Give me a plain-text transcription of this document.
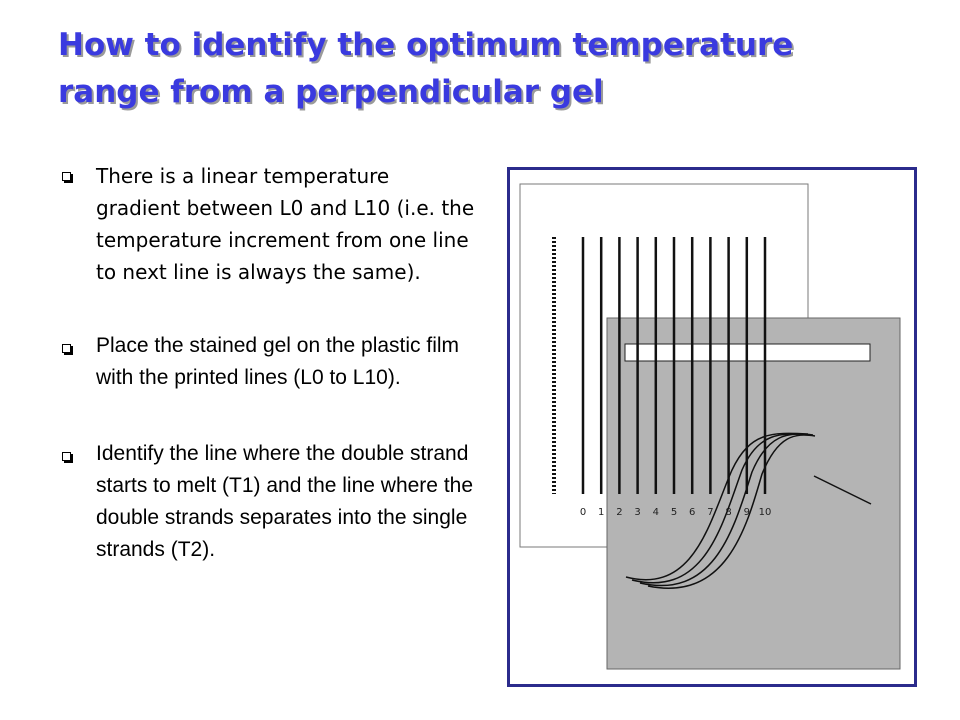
How to identify the optimum temperature
range from a perpendicular gel
There is a linear temperature gradient between L0 and L10 (i.e. the temperature increment from one line to next line is always the same).
Place the stained gel on the plastic film with the printed lines (L0 to L10).
Identify the line where the double strand starts to melt (T1) and the line where the double strands separates into the single strands (T2).
0 1 2 3 4 5 6 7 8 9 10
